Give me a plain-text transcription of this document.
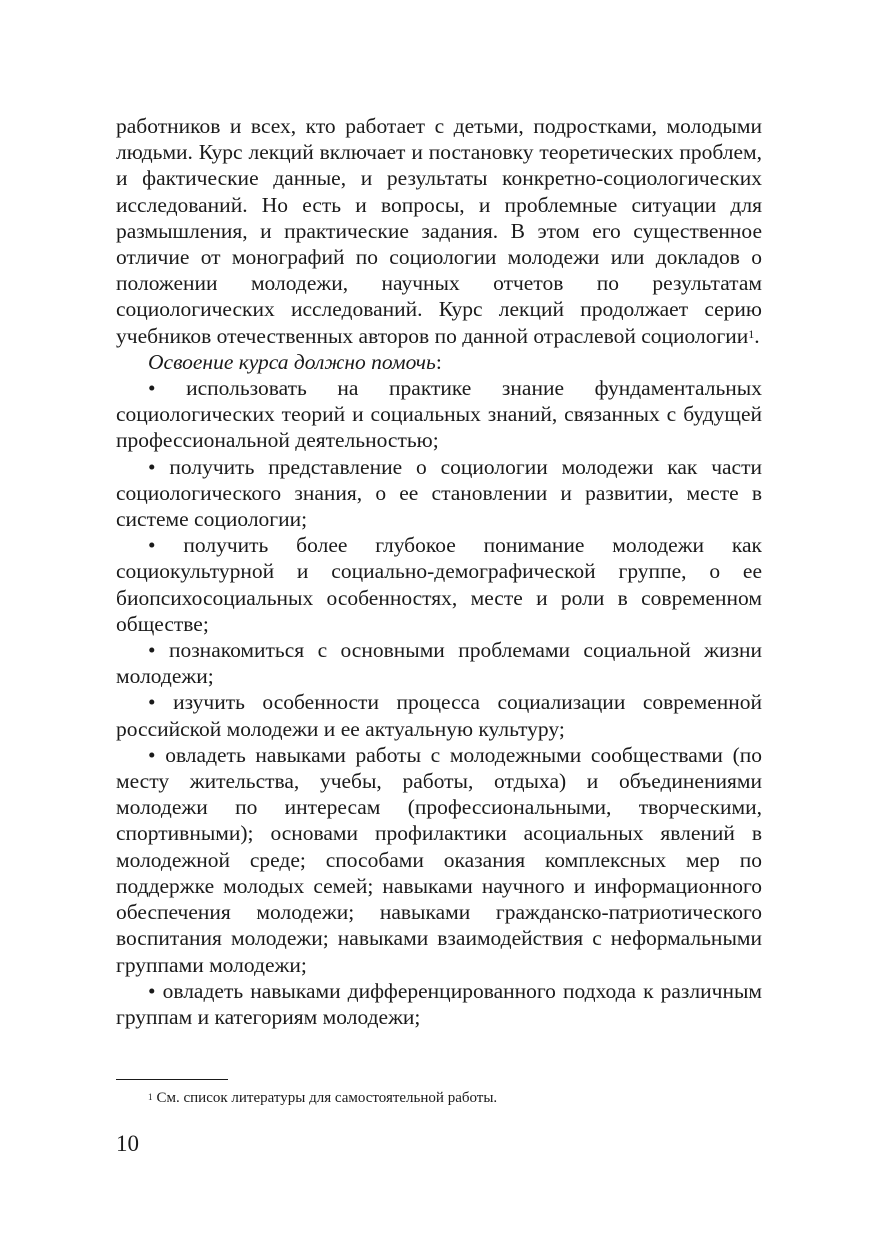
работников и всех, кто работает с детьми, подростками, молодыми людьми. Курс лекций включает и постановку теоретических проблем, и фактические данные, и результаты конкретно-социологических исследований. Но есть и вопросы, и проблемные ситуации для размышления, и практические задания. В этом его существенное отличие от монографий по социологии молодежи или докладов о положении молодежи, научных отчетов по результатам социологических исследований. Курс лекций продолжает серию учебников отечественных авторов по данной отраслевой социологии$^1$.

Освоение курса должно помочь:

• использовать на практике знание фундаментальных социологических теорий и социальных знаний, связанных с будущей профессиональной деятельностью;

• получить представление о социологии молодежи как части социологического знания, о ее становлении и развитии, месте в системе социологии;

• получить более глубокое понимание молодежи как социокультурной и социально-демографической группе, о ее биопсихосоциальных особенностях, месте и роли в современном обществе;

• познакомиться с основными проблемами социальной жизни молодежи;

• изучить особенности процесса социализации современной российской молодежи и ее актуальную культуру;

• овладеть навыками работы с молодежными сообществами (по месту жительства, учебы, работы, отдыха) и объединениями молодежи по интересам (профессиональными, творческими, спортивными); основами профилактики асоциальных явлений в молодежной среде; способами оказания комплексных мер по поддержке молодых семей; навыками научного и информационного обеспечения молодежи; навыками гражданско-патриотического воспитания молодежи; навыками взаимодействия с неформальными группами молодежи;

• овладеть навыками дифференцированного подхода к различным группам и категориям молодежи;

$^1$ См. список литературы для самостоятельной работы.
10
